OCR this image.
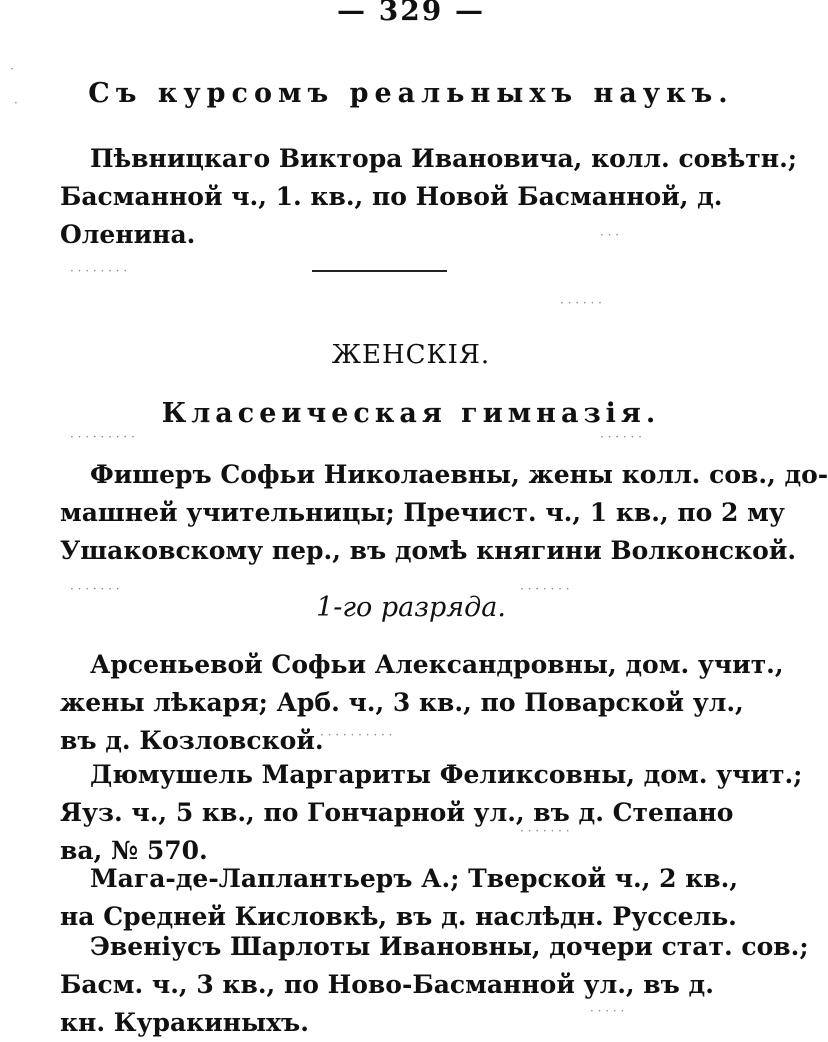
— 329 —
Съ курсомъ реальныхъ наукъ.
Пѣвницкаго Виктора Ивановича, колл. совѣтн.;
Басманной ч., 1. кв., по Новой Басманной, д.
Оленина.
ЖЕНСКІЯ.
Класеическая гимназія.
Фишеръ Софьи Николаевны, жены колл. сов., до-
машней учительницы; Пречист. ч., 1 кв., по 2 му
Ушаковскому пер., въ домѣ княгини Волконской.
1-го разряда.
Арсеньевой Софьи Александровны, дом. учит.,
жены лѣкаря; Арб. ч., 3 кв., по Поварской ул.,
въ д. Козловской.
Дюмушель Маргариты Феликсовны, дом. учит.;
Яуз. ч., 5 кв., по Гончарной ул., въ д. Степано
ва, № 570.
Мага-де-Лаплантьеръ А.; Тверской ч., 2 кв.,
на Средней Кисловкѣ, въ д. наслѣдн. Руссель.
Эвеніусъ Шарлоты Ивановны, дочери стат. сов.;
Басм. ч., 3 кв., по Ново-Басманной ул., въ д.
кн. Куракиныхъ.
·
·
· · ·
· · · · · · · ·
· · · · · ·
· · · · · · · · ·	· · · · · ·
· · · · · · ·	· · · · · · ·
· · · · · · · · · ·
· · · · · · ·
· · · · ·
